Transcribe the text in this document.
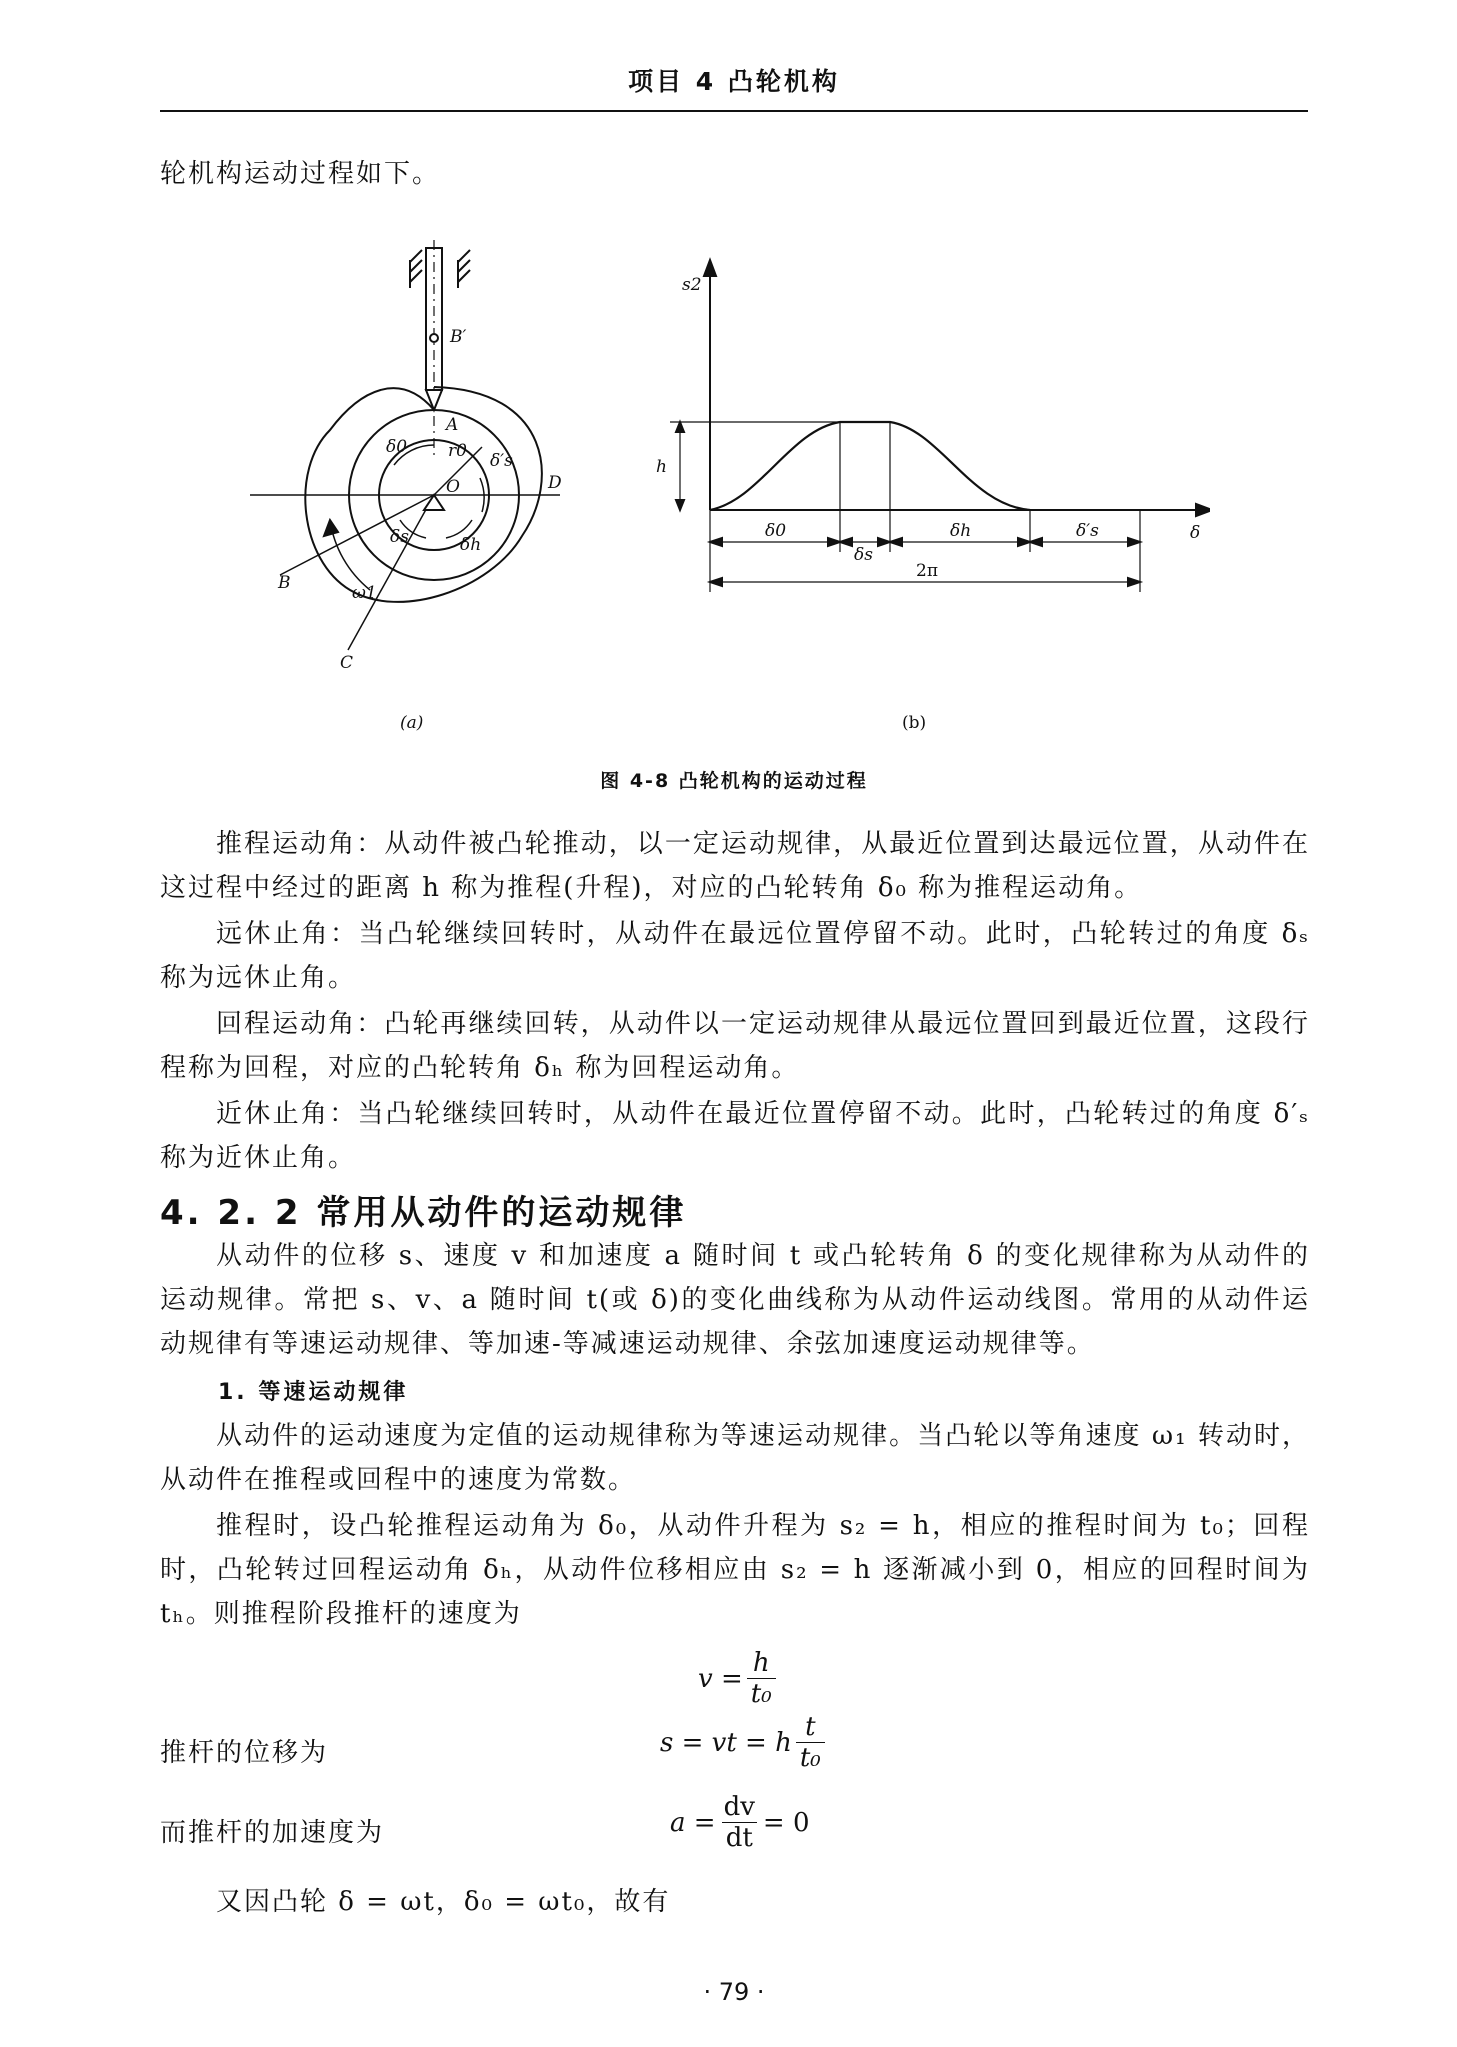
项目 4 凸轮机构
轮机构运动过程如下。
B′
A
O	D
B
C
δ0 r0 δ′s
δs	δh
ω1
(a)
s2
δ
h
δ0
δs
δh	δ′s
2π
(b)
图 4-8 凸轮机构的运动过程
推程运动角：从动件被凸轮推动，以一定运动规律，从最近位置到达最远位置，从动件在这过程中经过的距离 h 称为推程(升程)，对应的凸轮转角 δ₀ 称为推程运动角。
远休止角：当凸轮继续回转时，从动件在最远位置停留不动。此时，凸轮转过的角度 δₛ 称为远休止角。
回程运动角：凸轮再继续回转，从动件以一定运动规律从最远位置回到最近位置，这段行程称为回程，对应的凸轮转角 δₕ 称为回程运动角。
近休止角：当凸轮继续回转时，从动件在最近位置停留不动。此时，凸轮转过的角度 δ′ₛ 称为近休止角。
4. 2. 2 常用从动件的运动规律
从动件的位移 s、速度 v 和加速度 a 随时间 t 或凸轮转角 δ 的变化规律称为从动件的运动规律。常把 s、v、a 随时间 t(或 δ)的变化曲线称为从动件运动线图。常用的从动件运动规律有等速运动规律、等加速-等减速运动规律、余弦加速度运动规律等。
1. 等速运动规律
从动件的运动速度为定值的运动规律称为等速运动规律。当凸轮以等角速度 ω₁ 转动时，从动件在推程或回程中的速度为常数。
推程时，设凸轮推程运动角为 δ₀，从动件升程为 s₂ = h，相应的推程时间为 t₀；回程时，凸轮转过回程运动角 δₕ，从动件位移相应由 s₂ = h 逐渐减小到 0，相应的回程时间为 tₕ。则推程阶段推杆的速度为
$v = \frac{h}{\text{t₀}}$
推杆的位移为	s = vt = h $\frac{t}{\text{t₀}}$
而推杆的加速度为	$a = \frac{dv}{dt} = 0$
又因凸轮 δ = ωt，δ₀ = ωt₀，故有
· 79 ·
